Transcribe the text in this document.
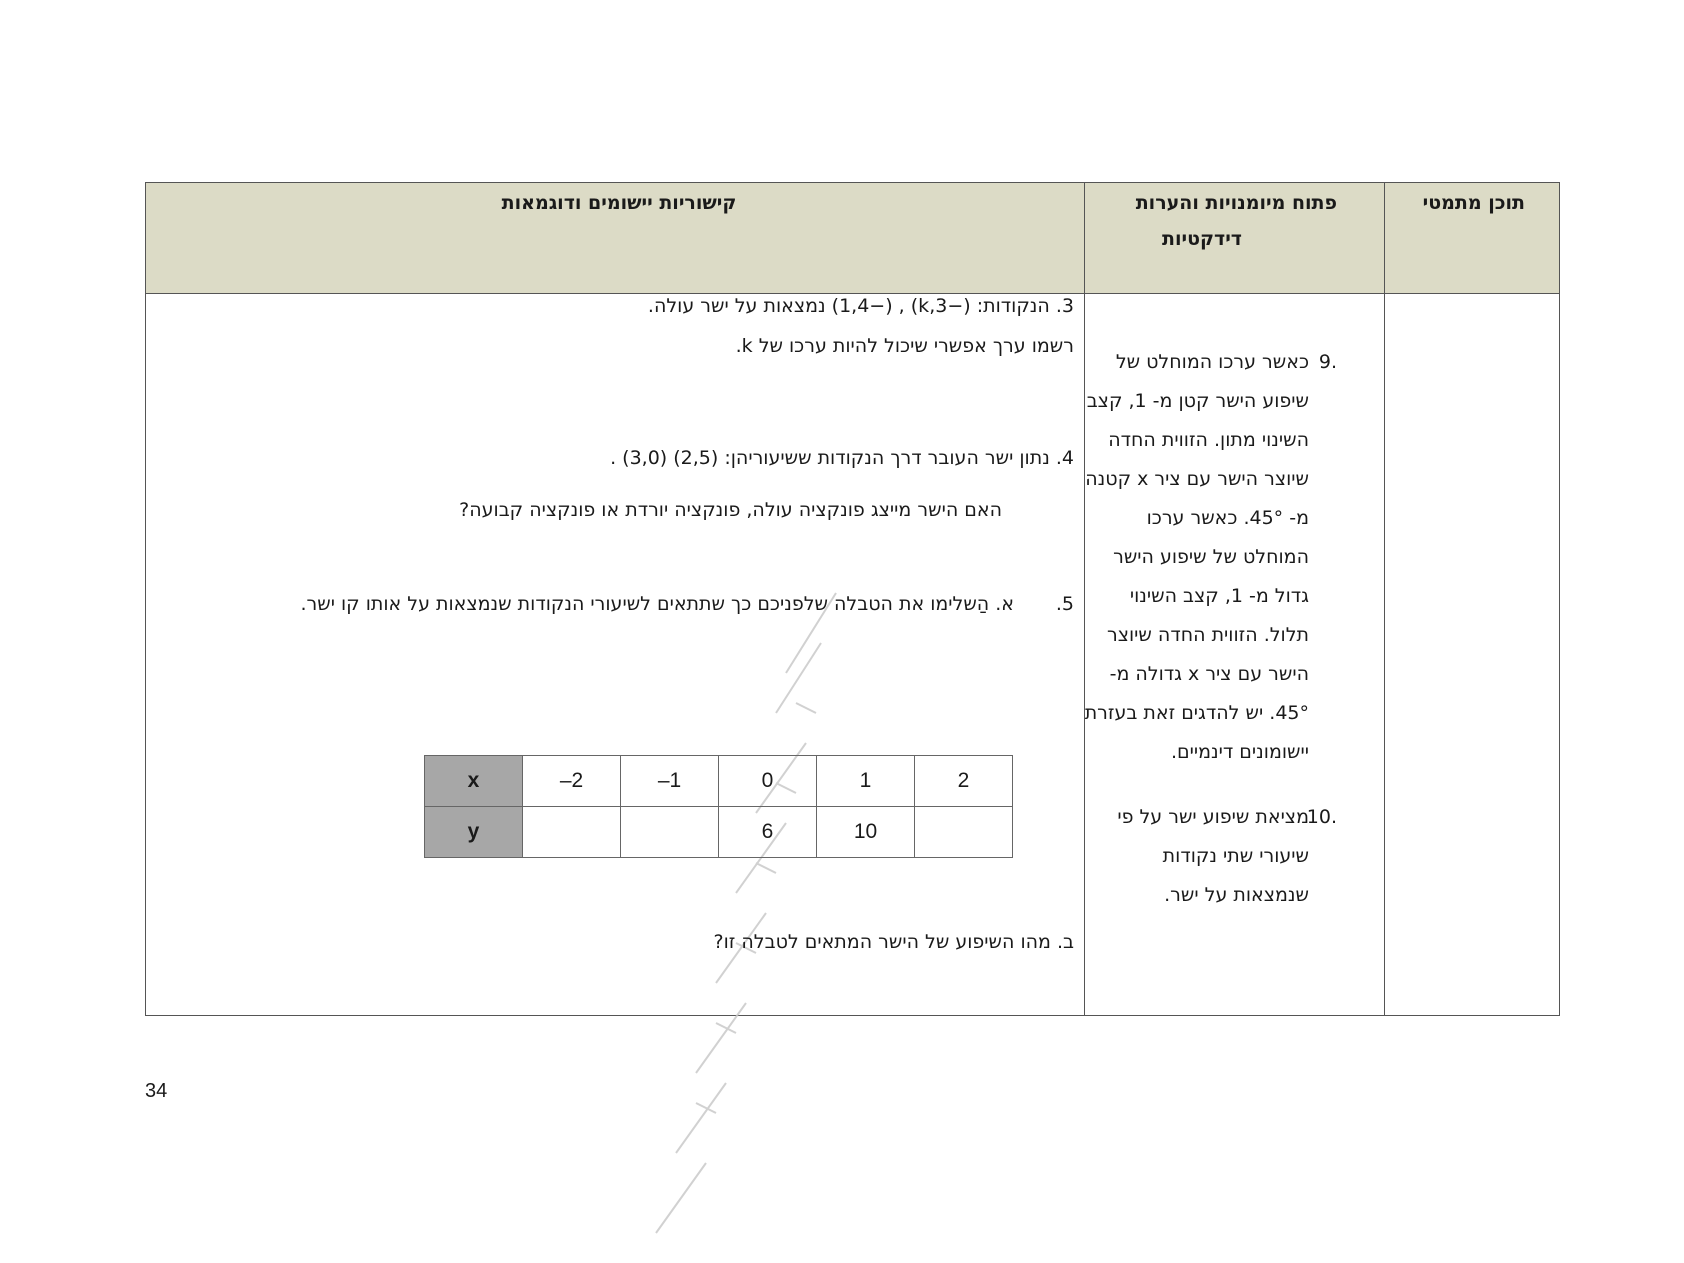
תוכן מתמטי
פתוח מיומנויות והערות
דידקטיות
קישוריות יישומים ודוגמאות
.9
כאשר ערכו המוחלט של
שיפוע הישר קטן מ- 1, קצב
השינוי מתון. הזווית החדה
שיוצר הישר עם ציר x קטנה
מ- 45°. כאשר ערכו
המוחלט של שיפוע הישר
גדול מ- 1, קצב השינוי
תלול. הזווית החדה שיוצר
הישר עם ציר x גדולה מ-
45°. יש להדגים זאת בעזרת
יישומונים דינמיים.
.10
מציאת שיפוע ישר על פי
שיעורי שתי נקודות
שנמצאות על ישר.
3. הנקודות: (−3,k) , (−1,4) נמצאות על ישר עולה.
רשמו ערך אפשרי שיכול להיות ערכו של k.
4. נתון ישר העובר דרך הנקודות ששיעוריהן: (2,5) (3,0) .
האם הישר מייצג פונקציה עולה, פונקציה יורדת או פונקציה קבועה?
5.
א. הַשלימו את הטבלה שלפניכם כך שתתאים לשיעורי הנקודות שנמצאות על אותו קו ישר.
x	–2	–1	0	1	2
y			6	10	
ב. מהו השיפוע של הישר המתאים לטבלה זו?
34
